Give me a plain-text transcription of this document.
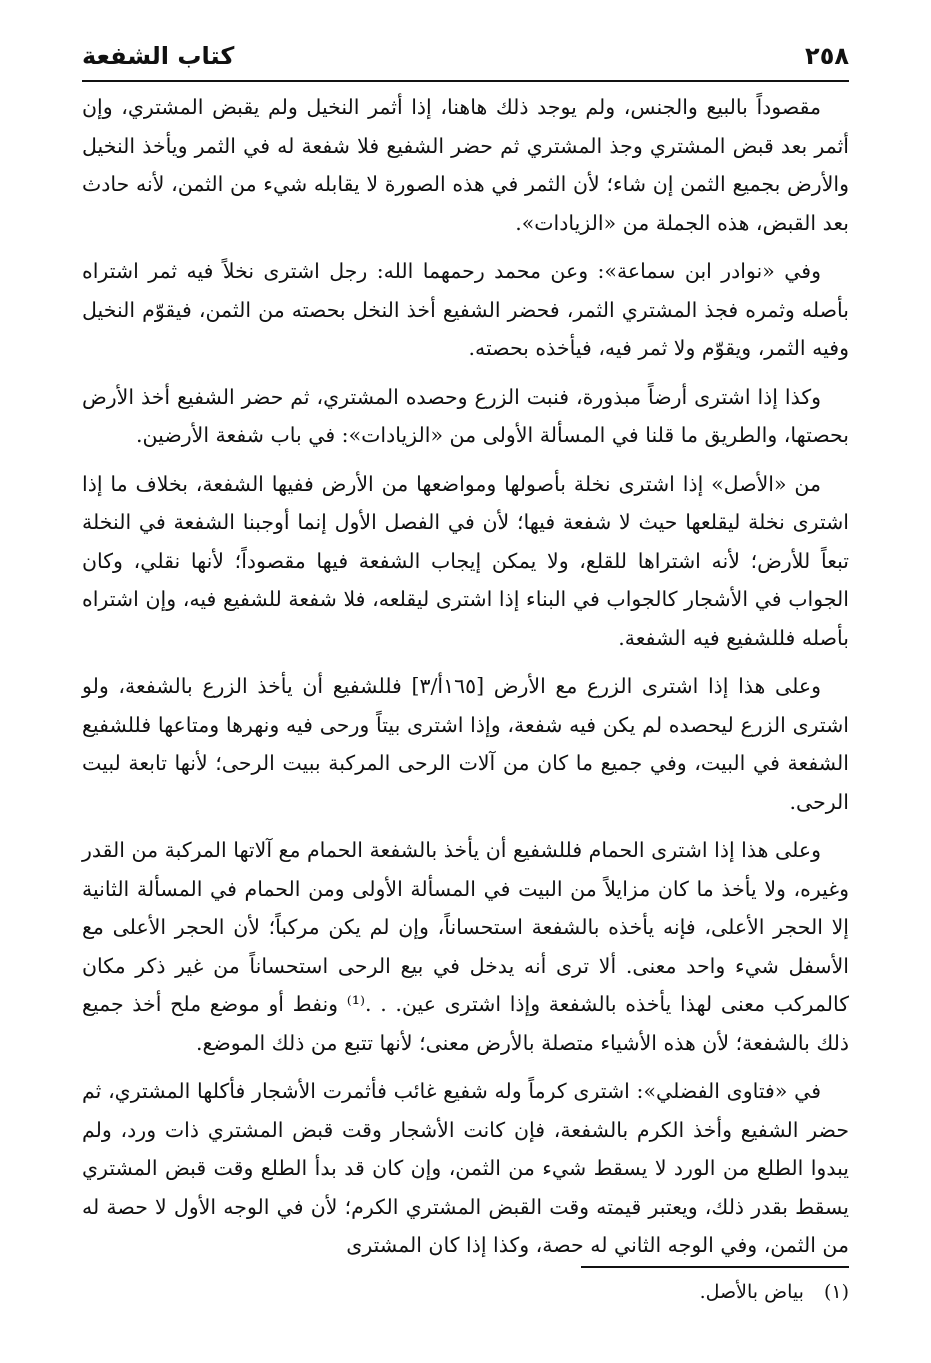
٢٥٨
كتاب الشفعة

مقصوداً بالبيع والجنس، ولم يوجد ذلك هاهنا، إذا أثمر النخيل ولم يقبض المشتري، وإن أثمر بعد قبض المشتري وجذ المشتري ثم حضر الشفيع فلا شفعة له في الثمر ويأخذ النخيل والأرض بجميع الثمن إن شاء؛ لأن الثمر في هذه الصورة لا يقابله شيء من الثمن، لأنه حادث بعد القبض، هذه الجملة من «الزيادات».

وفي «نوادر ابن سماعة»: وعن محمد رحمهما الله: رجل اشترى نخلاً فيه ثمر اشتراه بأصله وثمره فجذ المشتري الثمر، فحضر الشفيع أخذ النخل بحصته من الثمن، فيقوّم النخيل وفيه الثمر، ويقوّم ولا ثمر فيه، فيأخذه بحصته.

وكذا إذا اشترى أرضاً مبذورة، فنبت الزرع وحصده المشتري، ثم حضر الشفيع أخذ الأرض بحصتها، والطريق ما قلنا في المسألة الأولى من «الزيادات»: في باب شفعة الأرضين.

من «الأصل» إذا اشترى نخلة بأصولها ومواضعها من الأرض ففيها الشفعة، بخلاف ما إذا اشترى نخلة ليقلعها حيث لا شفعة فيها؛ لأن في الفصل الأول إنما أوجبنا الشفعة في النخلة تبعاً للأرض؛ لأنه اشتراها للقلع، ولا يمكن إيجاب الشفعة فيها مقصوداً؛ لأنها نقلي، وكان الجواب في الأشجار كالجواب في البناء إذا اشترى ليقلعه، فلا شفعة للشفيع فيه، وإن اشتراه بأصله فللشفيع فيه الشفعة.

وعلى هذا إذا اشترى الزرع مع الأرض [١٦٥أ/٣] فللشفيع أن يأخذ الزرع بالشفعة، ولو اشترى الزرع ليحصده لم يكن فيه شفعة، وإذا اشترى بيتاً ورحى فيه ونهرها ومتاعها فللشفيع الشفعة في البيت، وفي جميع ما كان من آلات الرحى المركبة ببيت الرحى؛ لأنها تابعة لبيت الرحى.

وعلى هذا إذا اشترى الحمام فللشفيع أن يأخذ بالشفعة الحمام مع آلاتها المركبة من القدر وغيره، ولا يأخذ ما كان مزايلاً من البيت في المسألة الأولى ومن الحمام في المسألة الثانية إلا الحجر الأعلى، فإنه يأخذه بالشفعة استحساناً، وإن لم يكن مركباً؛ لأن الحجر الأعلى مع الأسفل شيء واحد معنى. ألا ترى أنه يدخل في بيع الرحى استحساناً من غير ذكر مكان كالمركب معنى لهذا يأخذه بالشفعة وإذا اشترى عين. . .⁽¹⁾ ونفط أو موضع ملح أخذ جميع ذلك بالشفعة؛ لأن هذه الأشياء متصلة بالأرض معنى؛ لأنها تتبع من ذلك الموضع.

في «فتاوى الفضلي»: اشترى كرماً وله شفيع غائب فأثمرت الأشجار فأكلها المشتري، ثم حضر الشفيع وأخذ الكرم بالشفعة، فإن كانت الأشجار وقت قبض المشتري ذات ورد، ولم يبدوا الطلع من الورد لا يسقط شيء من الثمن، وإن كان قد بدأ الطلع وقت قبض المشتري يسقط بقدر ذلك، ويعتبر قيمته وقت القبض المشتري الكرم؛ لأن في الوجه الأول لا حصة له من الثمن، وفي الوجه الثاني له حصة، وكذا إذا كان المشترى

(١) بياض بالأصل.
